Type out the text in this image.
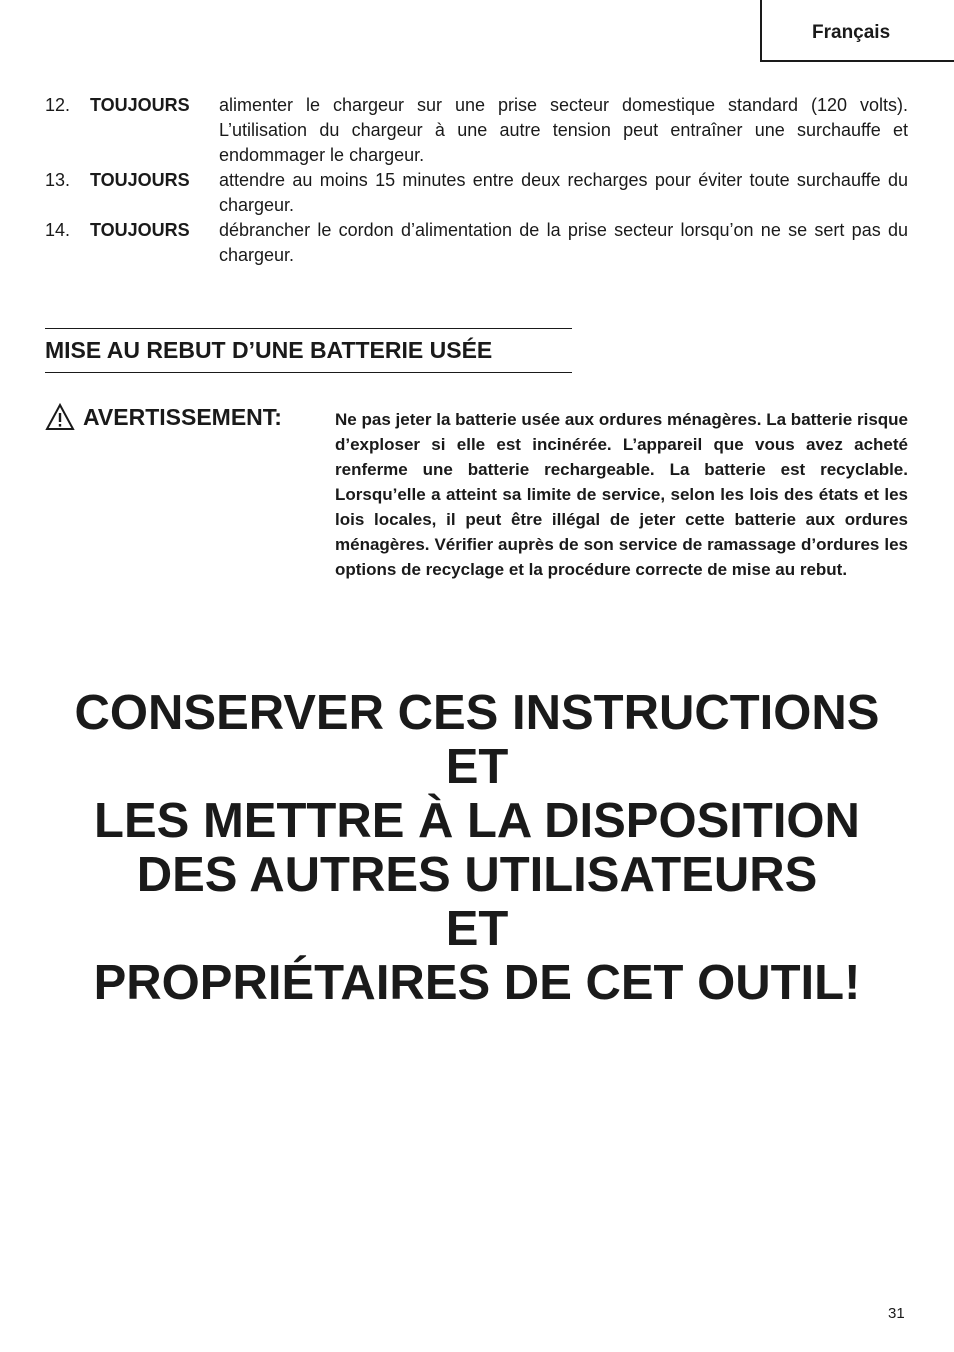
Français
12.	TOUJOURS	alimenter le chargeur sur une prise secteur domestique standard (120 volts). L’utilisation du chargeur à une autre tension peut entraîner une surchauffe et endommager le chargeur.
13.	TOUJOURS	attendre au moins 15 minutes entre deux recharges pour éviter toute surchauffe du chargeur.
14.	TOUJOURS	débrancher le cordon d’alimentation de la prise secteur lorsqu’on ne se sert pas du chargeur.
MISE AU REBUT D’UNE BATTERIE USÉE
AVERTISSEMENT:	Ne pas jeter la batterie usée aux ordures ménagères. La batterie risque d’exploser si elle est incinérée. L’appareil que vous avez acheté renferme une batterie rechargeable. La batterie est recyclable. Lorsqu’elle a atteint sa limite de service, selon les lois des états et les lois locales, il peut être illégal de jeter cette batterie aux ordures ménagères. Vérifier auprès de son service de ramassage d’ordures les options de recyclage et la procédure correcte de mise au rebut.
CONSERVER CES INSTRUCTIONS
ET
LES METTRE À LA DISPOSITION
DES AUTRES UTILISATEURS
ET
PROPRIÉTAIRES DE CET OUTIL!
31
